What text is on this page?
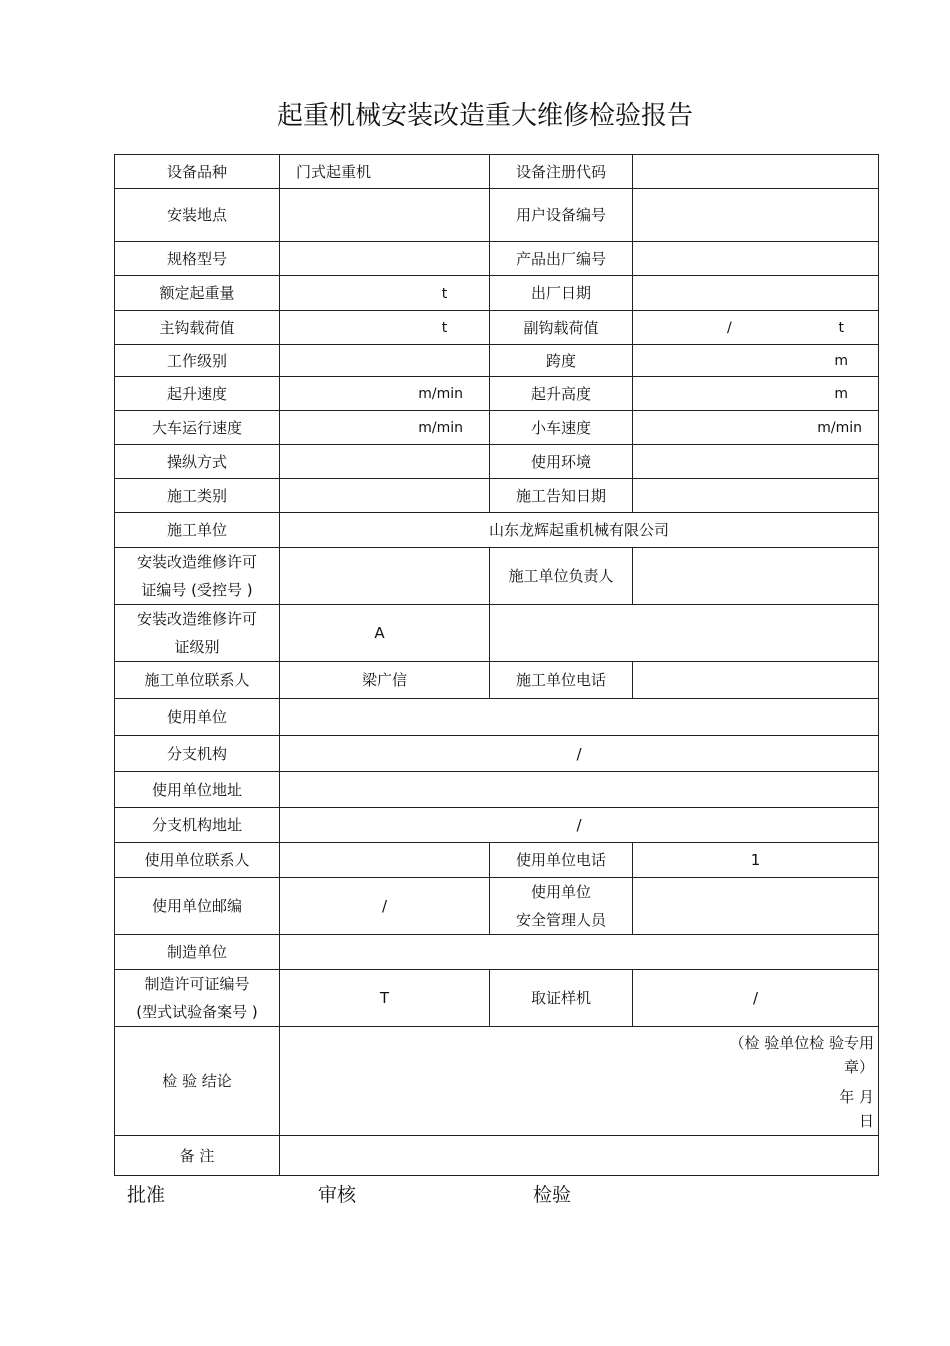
起重机械安装改造重大维修检验报告
设备品种	门式起重机	设备注册代码	
安装地点		用户设备编号	
规格型号		产品出厂编号	
额定起重量	t	出厂日期	
主钩载荷值	t	副钩载荷值	/ t

工作级别		跨度	m
起升速度	m/min	起升高度	m
大车运行速度	m/min	小车速度	m/min
操纵方式		使用环境	
施工类别		施工告知日期	
施工单位	山东龙辉起重机械有限公司		

安装改造维修许可
证编号 (受控号 )		施工单位负责人	

安装改造维修许可
证级别	A		
施工单位联系人	梁广信	施工单位电话	
使用单位			
分支机构	/		
使用单位地址			
分支机构地址	/		
使用单位联系人		使用单位电话	1
使用单位邮编	/	使用单位
安全管理人员	

制造单位			

制造许可证编号
(型式试验备案号 )	T	取证样机	/
检 验 结论	（检 验单位检 验专用
章）
年 月
日		

备 注			
批准	审核	检验
